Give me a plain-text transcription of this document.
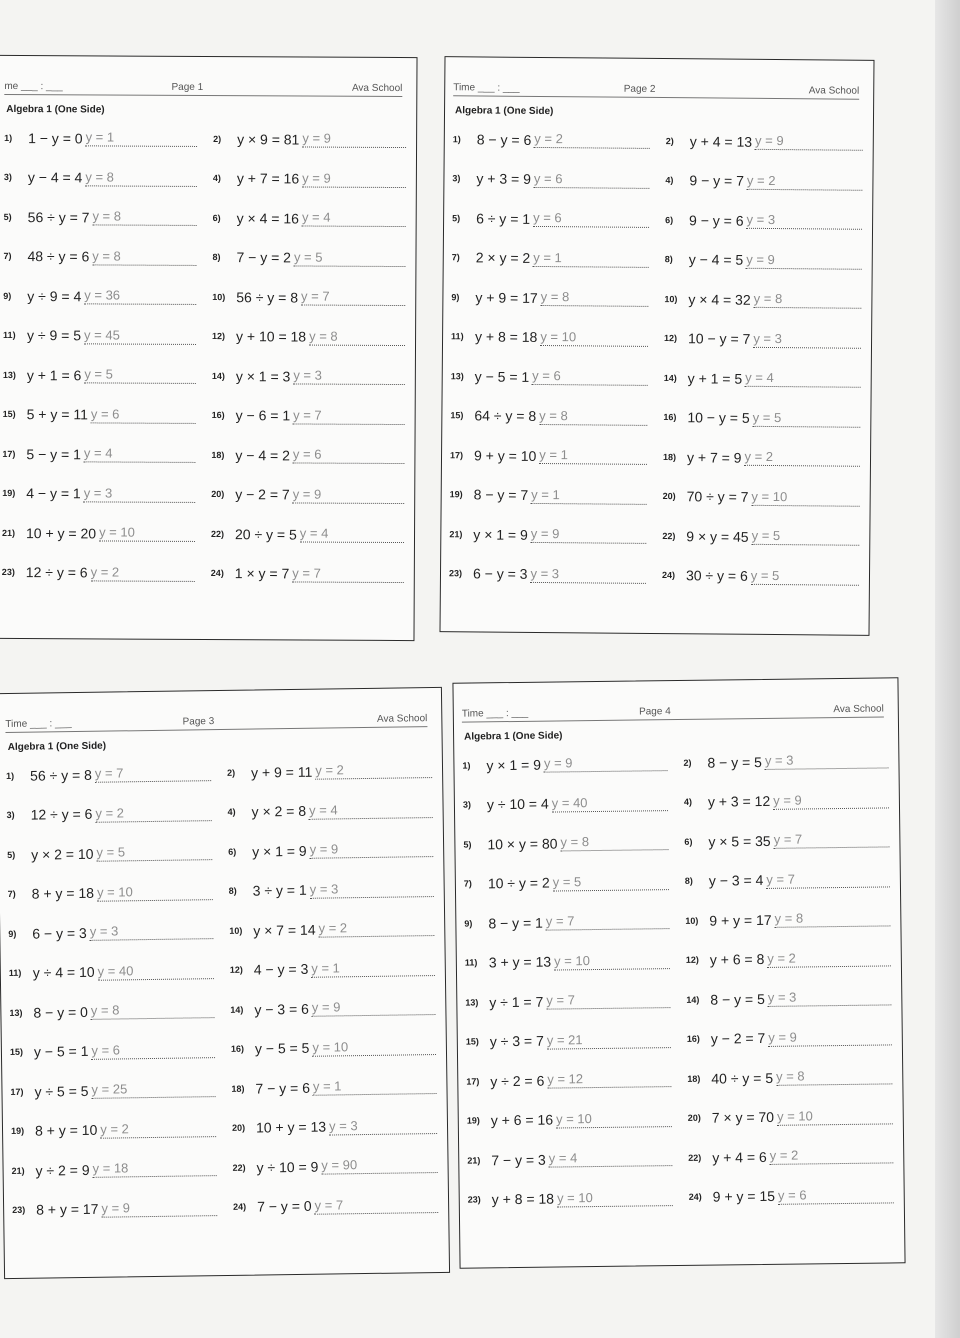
me ___ : ___	Page 1	Ava School
Algebra 1 (One Side)
1)	1 − y = 0 y = 1	2)	y × 9 = 81 y = 9
3)	y − 4 = 4 y = 8	4)	y + 7 = 16 y = 9
5)	56 ÷ y = 7 y = 8	6)	y × 4 = 16 y = 4
7)	48 ÷ y = 6 y = 8	8)	7 − y = 2 y = 5
9)	y ÷ 9 = 4 y = 36	10) 56 ÷ y = 8 y = 7
11) y ÷ 9 = 5 y = 45	12) y + 10 = 18 y = 8
13) y + 1 = 6 y = 5	14) y × 1 = 3 y = 3
15) 5 + y = 11 y = 6	16) y − 6 = 1 y = 7
17) 5 − y = 1 y = 4	18) y − 4 = 2 y = 6
19) 4 − y = 1 y = 3	20) y − 2 = 7 y = 9
21) 10 + y = 20 y = 10	22) 20 ÷ y = 5 y = 4
23) 12 ÷ y = 6 y = 2	24) 1 × y = 7 y = 7
Time ___ : ___	Page 2	Ava School
Algebra 1 (One Side)
1)	8 − y = 6 y = 2	2)	y + 4 = 13 y = 9
3)	y + 3 = 9 y = 6	4)	9 − y = 7 y = 2
5)	6 ÷ y = 1 y = 6	6)	9 − y = 6 y = 3
7)	2 × y = 2 y = 1	8)	y − 4 = 5 y = 9
9)	y + 9 = 17 y = 8	10) y × 4 = 32 y = 8
11) y + 8 = 18 y = 10	12) 10 − y = 7 y = 3
13) y − 5 = 1 y = 6	14) y + 1 = 5 y = 4
15) 64 ÷ y = 8 y = 8	16) 10 − y = 5 y = 5
17) 9 + y = 10 y = 1	18) y + 7 = 9 y = 2
19) 8 − y = 7 y = 1	20) 70 ÷ y = 7 y = 10
21) y × 1 = 9 y = 9	22) 9 × y = 45 y = 5
23) 6 − y = 3 y = 3	24) 30 ÷ y = 6 y = 5
Time ___ : ___	Page 3	Ava School
Algebra 1 (One Side)
1)	56 ÷ y = 8 y = 7	2)	y + 9 = 11 y = 2
3)	12 ÷ y = 6 y = 2	4)	y × 2 = 8 y = 4
5)	y × 2 = 10 y = 5	6)	y × 1 = 9 y = 9
7)	8 + y = 18 y = 10	8)	3 ÷ y = 1 y = 3
9)	6 − y = 3 y = 3	10) y × 7 = 14 y = 2
11) y ÷ 4 = 10 y = 40	12) 4 − y = 3 y = 1
13) 8 − y = 0 y = 8	14) y − 3 = 6 y = 9
15) y − 5 = 1 y = 6	16) y − 5 = 5 y = 10
17) y ÷ 5 = 5 y = 25	18) 7 − y = 6 y = 1
19) 8 + y = 10 y = 2	20) 10 + y = 13 y = 3
21) y ÷ 2 = 9 y = 18	22) y ÷ 10 = 9 y = 90
23) 8 + y = 17 y = 9	24) 7 − y = 0 y = 7
Time ___ : ___	Page 4	Ava School
Algebra 1 (One Side)
1)	y × 1 = 9 y = 9	2)	8 − y = 5 y = 3
3)	y ÷ 10 = 4 y = 40	4)	y + 3 = 12 y = 9
5)	10 × y = 80 y = 8	6)	y × 5 = 35 y = 7
7)	10 ÷ y = 2 y = 5	8)	y − 3 = 4 y = 7
9)	8 − y = 1 y = 7	10) 9 + y = 17 y = 8
11) 3 + y = 13 y = 10	12) y + 6 = 8 y = 2
13) y ÷ 1 = 7 y = 7	14) 8 − y = 5 y = 3
15) y ÷ 3 = 7 y = 21	16) y − 2 = 7 y = 9
17) y ÷ 2 = 6 y = 12	18) 40 ÷ y = 5 y = 8
19) y + 6 = 16 y = 10	20) 7 × y = 70 y = 10
21) 7 − y = 3 y = 4	22) y + 4 = 6 y = 2
23) y + 8 = 18 y = 10	24) 9 + y = 15 y = 6
